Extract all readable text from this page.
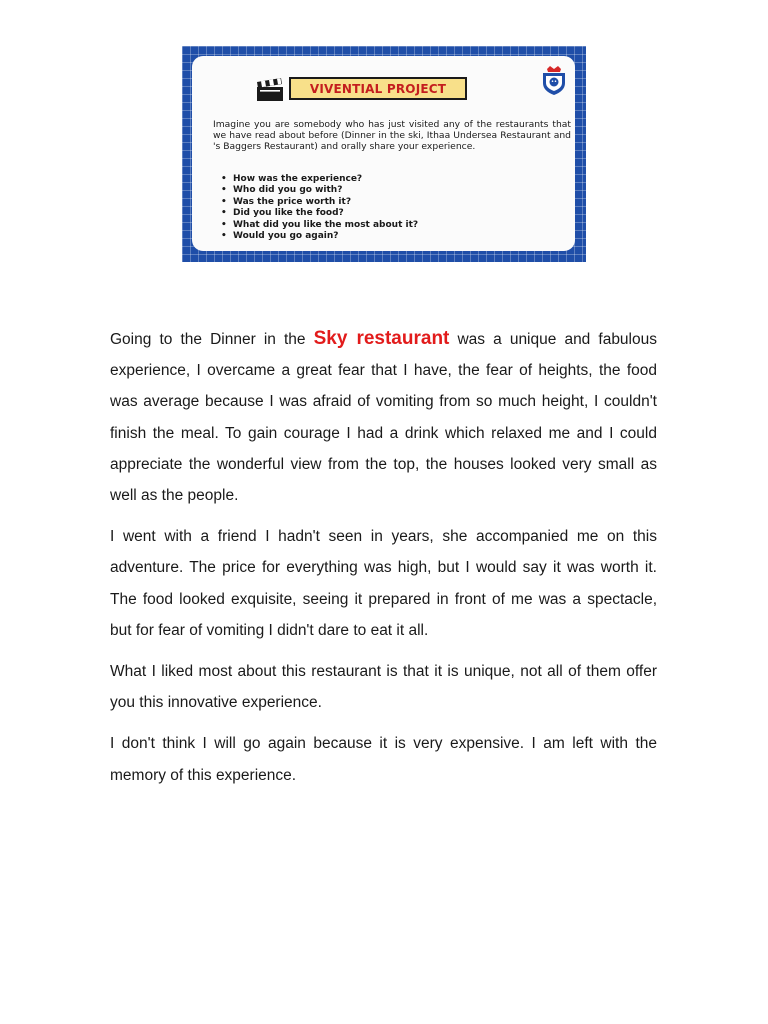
VIVENTIAL PROJECT
Imagine you are somebody who has just visited any of the restaurants that we have read about before (Dinner in the ski, Ithaa Undersea Restaurant and 's Baggers Restaurant) and orally share your experience.
• How was the experience?
• Who did you go with?
• Was the price worth it?
• Did you like the food?
• What did you like the most about it?
• Would you go again?

Going to the Dinner in the Sky restaurant was a unique and fabulous experience, I overcame a great fear that I have, the fear of heights, the food was average because I was afraid of vomiting from so much height, I couldn't finish the meal. To gain courage I had a drink which relaxed me and I could appreciate the wonderful view from the top, the houses looked very small as well as the people.

I went with a friend I hadn't seen in years, she accompanied me on this adventure. The price for everything was high, but I would say it was worth it. The food looked exquisite, seeing it prepared in front of me was a spectacle, but for fear of vomiting I didn't dare to eat it all.

What I liked most about this restaurant is that it is unique, not all of them offer you this innovative experience.

I don't think I will go again because it is very expensive. I am left with the memory of this experience.
